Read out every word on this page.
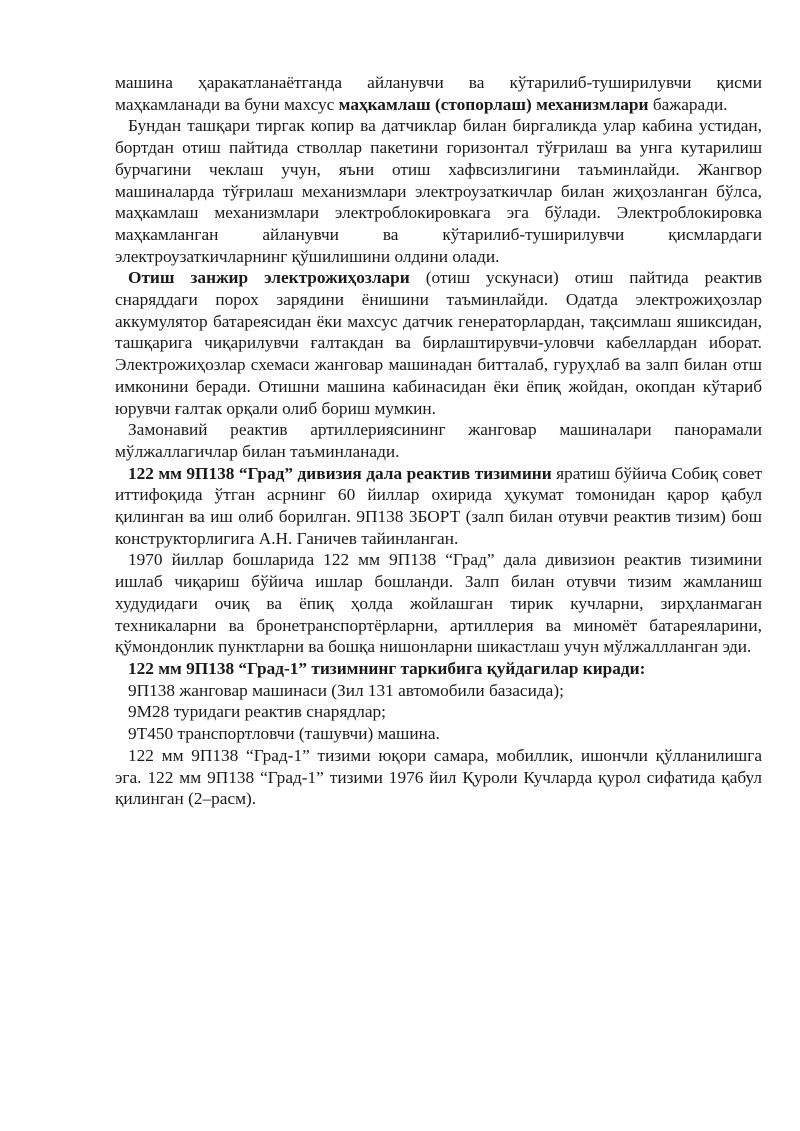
машина ҳаракатланаётганда айланувчи ва кўтарилиб-туширилувчи қисми маҳкамланади ва буни махсус маҳкамлаш (стопорлаш) механизмлари бажаради.

Бундан ташқари тиргак копир ва датчиклар билан биргаликда улар кабина устидан, бортдан отиш пайтида стволлар пакетини горизонтал тўғрилаш ва унга кутарилиш бурчагини чеклаш учун, яъни отиш хафвсизлигини таъминлайди. Жангвор машиналарда тўғрилаш механизмлари электроузаткичлар билан жиҳозланган бўлса, маҳкамлаш механизмлари электроблокировкага эга бўлади. Электроблокировка маҳкамланган айланувчи ва кўтарилиб-туширилувчи қисмлардаги электроузаткичларнинг қўшилишини олдини олади.

Отиш занжир электрожиҳозлари (отиш ускунаси) отиш пайтида реактив снаряддаги порох зарядини ёнишини таъминлайди. Одатда электрожиҳозлар аккумулятор батареясидан ёки махсус датчик генераторлардан, тақсимлаш яшиксидан, ташқарига чиқарилувчи ғалтакдан ва бирлаштирувчи-уловчи кабеллардан иборат. Электрожиҳозлар схемаси жанговар машинадан битталаб, гуруҳлаб ва залп билан отш имконини беради. Отишни машина кабинасидан ёки ёпиқ жойдан, окопдан кўтариб юрувчи ғалтак орқали олиб бориш мумкин.

Замонавий реактив артиллериясининг жанговар машиналари панорамали мўлжаллагичлар билан таъминланади.

122 мм 9П138 “Град” дивизия дала реактив тизимини яратиш бўйича Собиқ совет иттифоқида ўтган асрнинг 60 йиллар охирида ҳукумат томонидан қарор қабул қилинган ва иш олиб борилган. 9П138 3БОРТ (залп билан отувчи реактив тизим) бош конструкторлигига А.Н. Ганичев тайинланган.

1970 йиллар бошларида 122 мм 9П138 “Град” дала дивизион реактив тизимини ишлаб чиқариш бўйича ишлар бошланди. Залп билан отувчи тизим жамланиш худудидаги очиқ ва ёпиқ ҳолда жойлашган тирик кучларни, зирҳланмаган техникаларни ва бронетранспортёрларни, артиллерия ва миномёт батареяларини, қўмондонлик пунктларни ва бошқа нишонларни шикастлаш учун мўлжаллланган эди.

122 мм 9П138 “Град-1” тизимнинг таркибига қуйдагилар киради:

9П138 жанговар машинаси (Зил 131 автомобили базасида);

9М28 туридаги реактив снарядлар;

9Т450 транспортловчи (ташувчи) машина.

122 мм 9П138 “Град-1” тизими юқори самара, мобиллик, ишончли қўлланилишга эга. 122 мм 9П138 “Град-1” тизими 1976 йил Қуроли Кучларда қурол сифатида қабул қилинган (2–расм).
